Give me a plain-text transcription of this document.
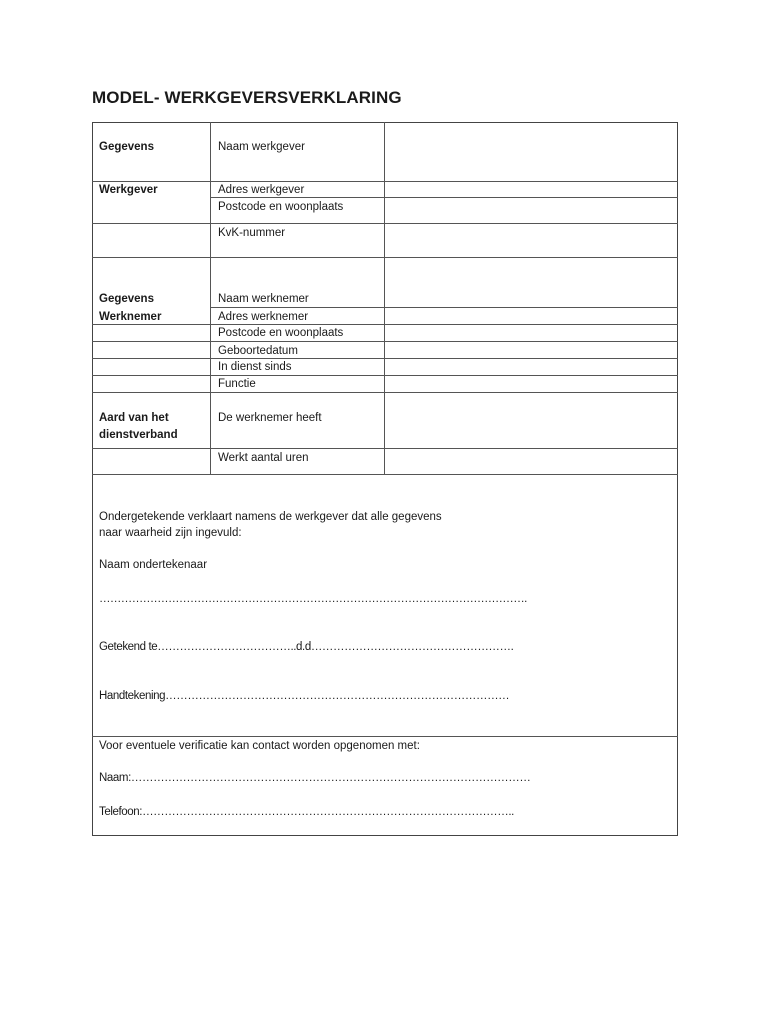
MODEL- WERKGEVERSVERKLARING
Gegevens
Werkgever
Naam werkgever
Adres werkgever
Postcode en woonplaats
KvK-nummer
Gegevens
Werknemer
Naam werknemer
Adres werknemer
Postcode en woonplaats
Geboortedatum
In dienst sinds
Functie
Aard van het
dienstverband
De werknemer heeft
Werkt aantal uren
Ondergetekende verklaart namens de werkgever dat alle gegevens
naar waarheid zijn ingevuld:
Naam ondertekenaar
……………………………………………………………………………………………………….
Getekend te………………………………..d.d……………………………………………….
Handtekening…………………………………………………………………………………
Voor eventuele verificatie kan contact worden opgenomen met:
Naam:………………………………………………………………………………………………
Telefoon:………………………………………………………………………………………..
